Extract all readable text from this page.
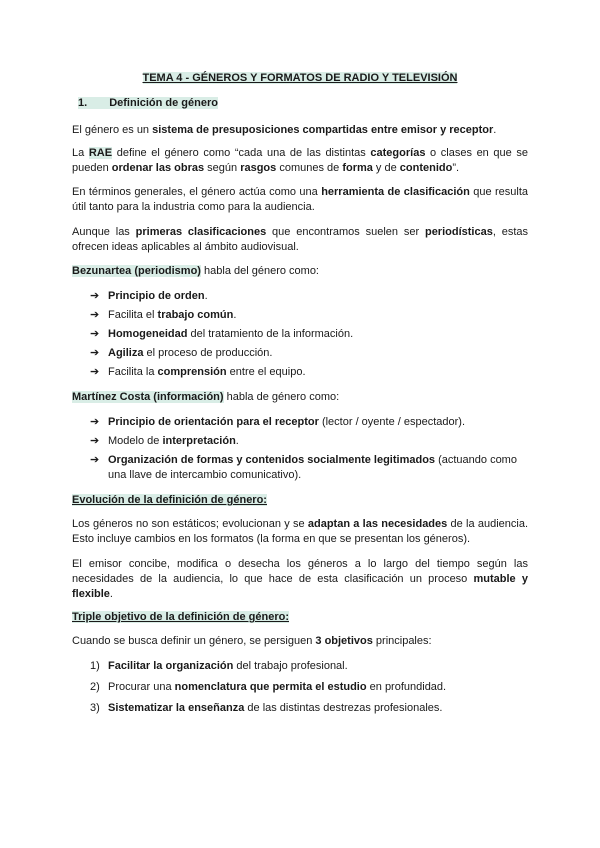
TEMA 4 - GÉNEROS Y FORMATOS DE RADIO Y TELEVISIÓN
1. Definición de género
El género es un sistema de presuposiciones compartidas entre emisor y receptor.
La RAE define el género como “cada una de las distintas categorías o clases en que se pueden ordenar las obras según rasgos comunes de forma y de contenido”.
En términos generales, el género actúa como una herramienta de clasificación que resulta útil tanto para la industria como para la audiencia.
Aunque las primeras clasificaciones que encontramos suelen ser periodísticas, estas ofrecen ideas aplicables al ámbito audiovisual.
Bezunartea (periodismo) habla del género como:
➔ Principio de orden.
➔ Facilita el trabajo común.
➔ Homogeneidad del tratamiento de la información.
➔ Agiliza el proceso de producción.
➔ Facilita la comprensión entre el equipo.
Martínez Costa (información) habla de género como:
➔ Principio de orientación para el receptor (lector / oyente / espectador).
➔ Modelo de interpretación.
➔ Organización de formas y contenidos socialmente legitimados (actuando como una llave de intercambio comunicativo).
Evolución de la definición de género:
Los géneros no son estáticos; evolucionan y se adaptan a las necesidades de la audiencia. Esto incluye cambios en los formatos (la forma en que se presentan los géneros).
El emisor concibe, modifica o desecha los géneros a lo largo del tiempo según las necesidades de la audiencia, lo que hace de esta clasificación un proceso mutable y flexible.
Triple objetivo de la definición de género:
Cuando se busca definir un género, se persiguen 3 objetivos principales:
1) Facilitar la organización del trabajo profesional.
2) Procurar una nomenclatura que permita el estudio en profundidad.
3) Sistematizar la enseñanza de las distintas destrezas profesionales.
